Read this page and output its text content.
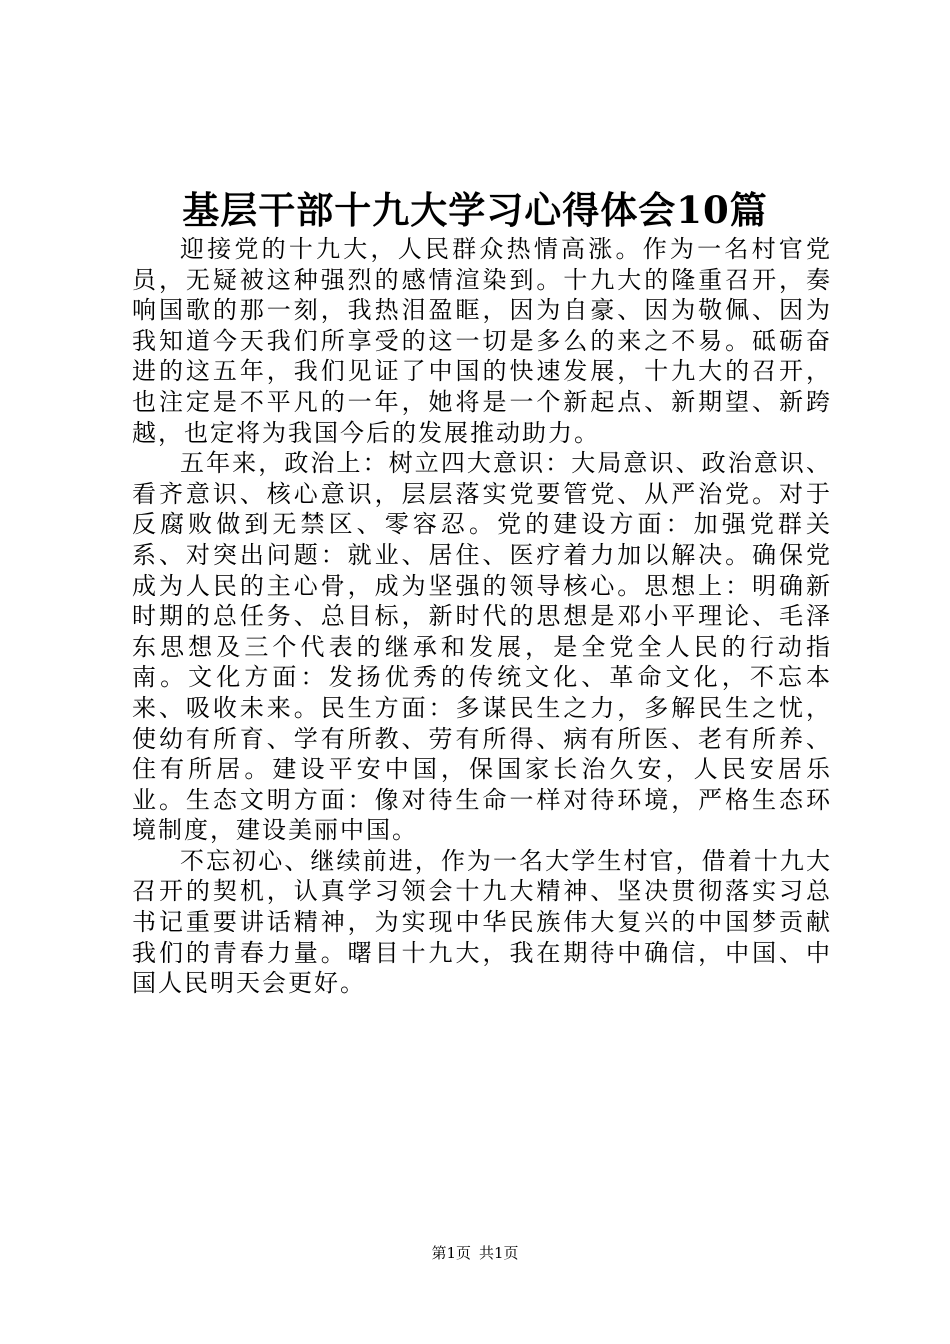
基层干部十九大学习心得体会10篇

迎接党的十九大，人民群众热情高涨。作为一名村官党员，无疑被这种强烈的感情渲染到。十九大的隆重召开，奏响国歌的那一刻，我热泪盈眶，因为自豪、因为敬佩、因为我知道今天我们所享受的这一切是多么的来之不易。砥砺奋进的这五年，我们见证了中国的快速发展，十九大的召开，也注定是不平凡的一年，她将是一个新起点、新期望、新跨越，也定将为我国今后的发展推动助力。

五年来，政治上：树立四大意识：大局意识、政治意识、看齐意识、核心意识，层层落实党要管党、从严治党。对于反腐败做到无禁区、零容忍。党的建设方面：加强党群关系、对突出问题：就业、居住、医疗着力加以解决。确保党成为人民的主心骨，成为坚强的领导核心。思想上：明确新时期的总任务、总目标，新时代的思想是邓小平理论、毛泽东思想及三个代表的继承和发展，是全党全人民的行动指南。文化方面：发扬优秀的传统文化、革命文化，不忘本来、吸收未来。民生方面：多谋民生之力，多解民生之忧，使幼有所育、学有所教、劳有所得、病有所医、老有所养、住有所居。建设平安中国，保国家长治久安，人民安居乐业。生态文明方面：像对待生命一样对待环境，严格生态环境制度，建设美丽中国。

不忘初心、继续前进，作为一名大学生村官，借着十九大召开的契机，认真学习领会十九大精神、坚决贯彻落实习总书记重要讲话精神，为实现中华民族伟大复兴的中国梦贡献我们的青春力量。曙目十九大，我在期待中确信，中国、中国人民明天会更好。

第1页 共1页
